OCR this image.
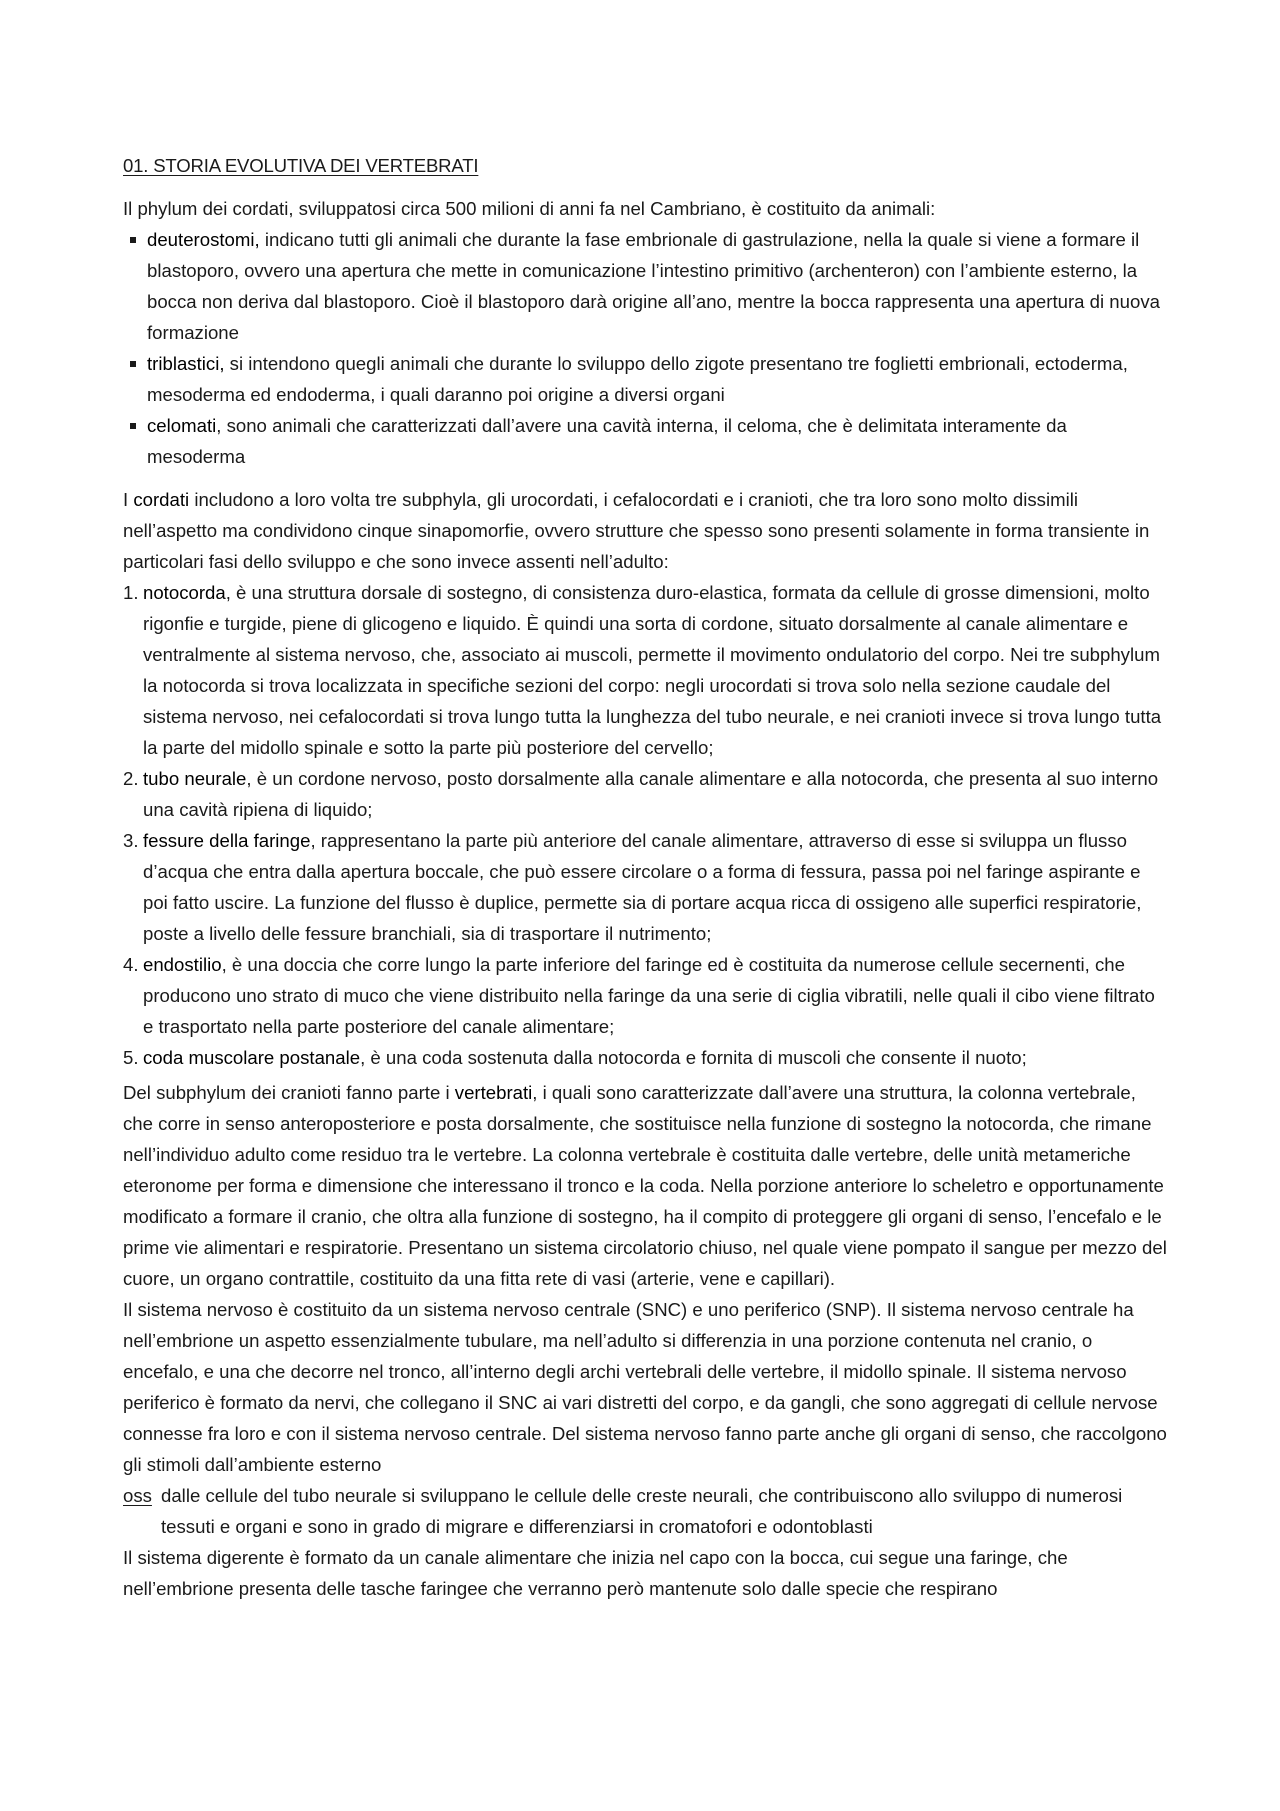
01. STORIA EVOLUTIVA DEI VERTEBRATI

Il phylum dei cordati, sviluppatosi circa 500 milioni di anni fa nel Cambriano, è costituito da animali:

deuterostomi, indicano tutti gli animali che durante la fase embrionale di gastrulazione, nella la quale si viene a formare il blastoporo, ovvero una apertura che mette in comunicazione l’intestino primitivo (archenteron) con l’ambiente esterno, la bocca non deriva dal blastoporo. Cioè il blastoporo darà origine all’ano, mentre la bocca rappresenta una apertura di nuova formazione
triblastici, si intendono quegli animali che durante lo sviluppo dello zigote presentano tre foglietti embrionali, ectoderma, mesoderma ed endoderma, i quali daranno poi origine a diversi organi
celomati, sono animali che caratterizzati dall’avere una cavità interna, il celoma, che è delimitata interamente da mesoderma

I cordati includono a loro volta tre subphyla, gli urocordati, i cefalocordati e i cranioti, che tra loro sono molto dissimili nell’aspetto ma condividono cinque sinapomorfie, ovvero strutture che spesso sono presenti solamente in forma transiente in particolari fasi dello sviluppo e che sono invece assenti nell’adulto:

1. notocorda, è una struttura dorsale di sostegno, di consistenza duro-elastica, formata da cellule di grosse dimensioni, molto rigonfie e turgide, piene di glicogeno e liquido. È quindi una sorta di cordone, situato dorsalmente al canale alimentare e ventralmente al sistema nervoso, che, associato ai muscoli, permette il movimento ondulatorio del corpo. Nei tre subphylum la notocorda si trova localizzata in specifiche sezioni del corpo: negli urocordati si trova solo nella sezione caudale del sistema nervoso, nei cefalocordati si trova lungo tutta la lunghezza del tubo neurale, e nei cranioti invece si trova lungo tutta la parte del midollo spinale e sotto la parte più posteriore del cervello;
2. tubo neurale, è un cordone nervoso, posto dorsalmente alla canale alimentare e alla notocorda, che presenta al suo interno una cavità ripiena di liquido;
3. fessure della faringe, rappresentano la parte più anteriore del canale alimentare, attraverso di esse si sviluppa un flusso d’acqua che entra dalla apertura boccale, che può essere circolare o a forma di fessura, passa poi nel faringe aspirante e poi fatto uscire. La funzione del flusso è duplice, permette sia di portare acqua ricca di ossigeno alle superfici respiratorie, poste a livello delle fessure branchiali, sia di trasportare il nutrimento;
4. endostilio, è una doccia che corre lungo la parte inferiore del faringe ed è costituita da numerose cellule secernenti, che producono uno strato di muco che viene distribuito nella faringe da una serie di ciglia vibratili, nelle quali il cibo viene filtrato e trasportato nella parte posteriore del canale alimentare;
5. coda muscolare postanale, è una coda sostenuta dalla notocorda e fornita di muscoli che consente il nuoto;

Del subphylum dei cranioti fanno parte i vertebrati, i quali sono caratterizzate dall’avere una struttura, la colonna vertebrale, che corre in senso anteroposteriore e posta dorsalmente, che sostituisce nella funzione di sostegno la notocorda, che rimane nell’individuo adulto come residuo tra le vertebre. La colonna vertebrale è costituita dalle vertebre, delle unità metameriche eteronome per forma e dimensione che interessano il tronco e la coda. Nella porzione anteriore lo scheletro e opportunamente modificato a formare il cranio, che oltra alla funzione di sostegno, ha il compito di proteggere gli organi di senso, l’encefalo e le prime vie alimentari e respiratorie. Presentano un sistema circolatorio chiuso, nel quale viene pompato il sangue per mezzo del cuore, un organo contrattile, costituito da una fitta rete di vasi (arterie, vene e capillari).

Il sistema nervoso è costituito da un sistema nervoso centrale (SNC) e uno periferico (SNP). Il sistema nervoso centrale ha nell’embrione un aspetto essenzialmente tubulare, ma nell’adulto si differenzia in una porzione contenuta nel cranio, o encefalo, e una che decorre nel tronco, all’interno degli archi vertebrali delle vertebre, il midollo spinale. Il sistema nervoso periferico è formato da nervi, che collegano il SNC ai vari distretti del corpo, e da gangli, che sono aggregati di cellule nervose connesse fra loro e con il sistema nervoso centrale. Del sistema nervoso fanno parte anche gli organi di senso, che raccolgono gli stimoli dall’ambiente esterno

oss dalle cellule del tubo neurale si sviluppano le cellule delle creste neurali, che contribuiscono allo sviluppo di numerosi tessuti e organi e sono in grado di migrare e differenziarsi in cromatofori e odontoblasti

Il sistema digerente è formato da un canale alimentare che inizia nel capo con la bocca, cui segue una faringe, che nell’embrione presenta delle tasche faringee che verranno però mantenute solo dalle specie che respirano
